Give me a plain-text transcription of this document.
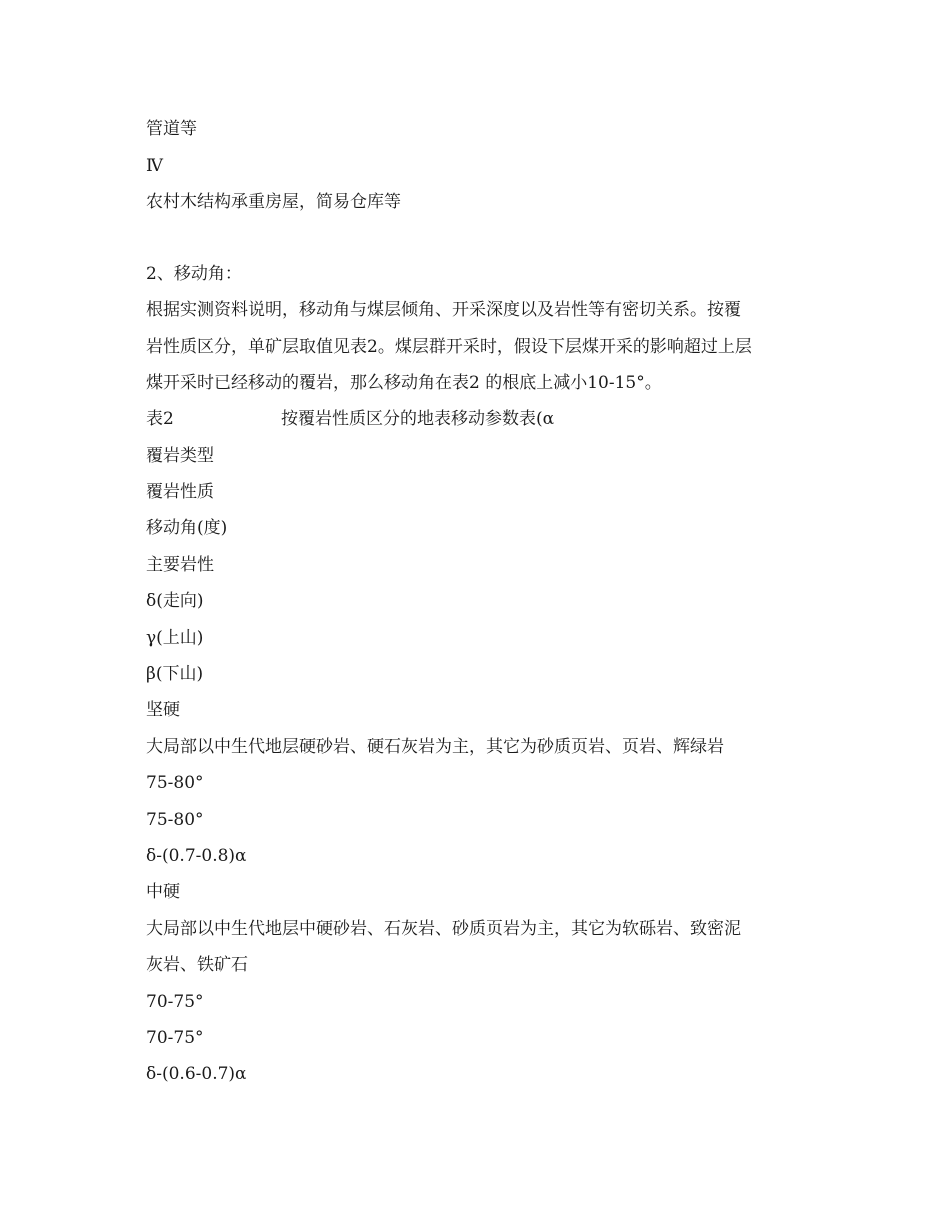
管道等
Ⅳ
农村木结构承重房屋，简易仓库等
2、移动角：
根据实测资料说明，移动角与煤层倾角、开采深度以及岩性等有密切关系。按覆
岩性质区分，单矿层取值见表2。煤层群开采时，假设下层煤开采的影响超过上层
煤开采时已经移动的覆岩，那么移动角在表2 的根底上减小10-15°。
表2	按覆岩性质区分的地表移动参数表(α
覆岩类型
覆岩性质
移动角(度)
主要岩性
δ(走向)
γ(上山)
β(下山)
坚硬
大局部以中生代地层硬砂岩、硬石灰岩为主，其它为砂质页岩、页岩、辉绿岩
75-80°
75-80°
δ-(0.7-0.8)α
中硬
大局部以中生代地层中硬砂岩、石灰岩、砂质页岩为主，其它为软砾岩、致密泥
灰岩、铁矿石
70-75°
70-75°
δ-(0.6-0.7)α
